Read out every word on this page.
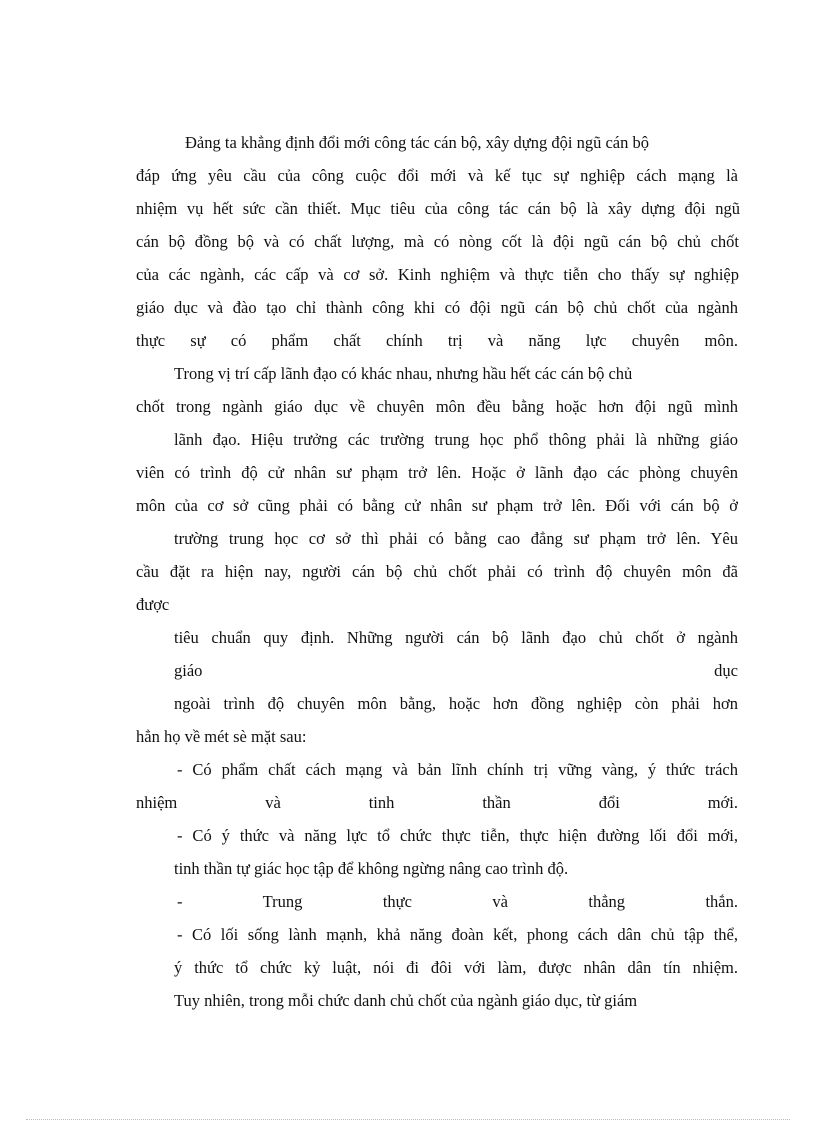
Đảng ta khẳng định đổi mới công tác cán bộ, xây dựng đội ngũ cán bộ
đáp ứng yêu cầu của công cuộc đổi mới và kế tục sự nghiệp cách mạng là
nhiệm vụ hết sức cần thiết. Mục tiêu của công tác cán bộ là xây dựng đội ngũ
cán bộ đồng bộ và có chất lượng, mà có nòng cốt là đội ngũ cán bộ chủ chốt
của các ngành, các cấp và cơ sở. Kinh nghiệm và thực tiễn cho thấy sự nghiệp
giáo dục và đào tạo chỉ thành công khi có đội ngũ cán bộ chủ chốt của ngành
thực sự có phẩm chất chính trị và năng lực chuyên môn.
Trong vị trí cấp lãnh đạo có khác nhau, nhưng hầu hết các cán bộ chủ
chốt trong ngành giáo dục về chuyên môn đều bằng hoặc hơn đội ngũ mình
lãnh đạo. Hiệu trưởng các trường trung học phổ thông phải là những giáo
viên có trình độ cử nhân sư phạm trở lên. Hoặc ở lãnh đạo các phòng chuyên
môn của cơ sở cũng phải có bằng cử nhân sư phạm trở lên. Đối với cán bộ ở
trường trung học cơ sở thì phải có bằng cao đẳng sư phạm trở lên. Yêu
cầu đặt ra hiện nay, người cán bộ chủ chốt phải có trình độ chuyên môn đã
được
tiêu chuẩn quy định. Những người cán bộ lãnh đạo chủ chốt ở ngành
giáo dục
ngoài trình độ chuyên môn bằng, hoặc hơn đồng nghiệp còn phải hơn
hẳn họ về mét sè mặt sau:
- Có phẩm chất cách mạng và bản lĩnh chính trị vững vàng, ý thức trách
nhiệm và tinh thần đổi mới.
- Có ý thức và năng lực tổ chức thực tiễn, thực hiện đường lối đổi mới,
tinh thần tự giác học tập để không ngừng nâng cao trình độ.
- Trung thực và thẳng thắn.
- Có lối sống lành mạnh, khả năng đoàn kết, phong cách dân chủ tập thể,
ý thức tổ chức kỷ luật, nói đi đôi với làm, được nhân dân tín nhiệm.
Tuy nhiên, trong mỗi chức danh chủ chốt của ngành giáo dục, từ giám
